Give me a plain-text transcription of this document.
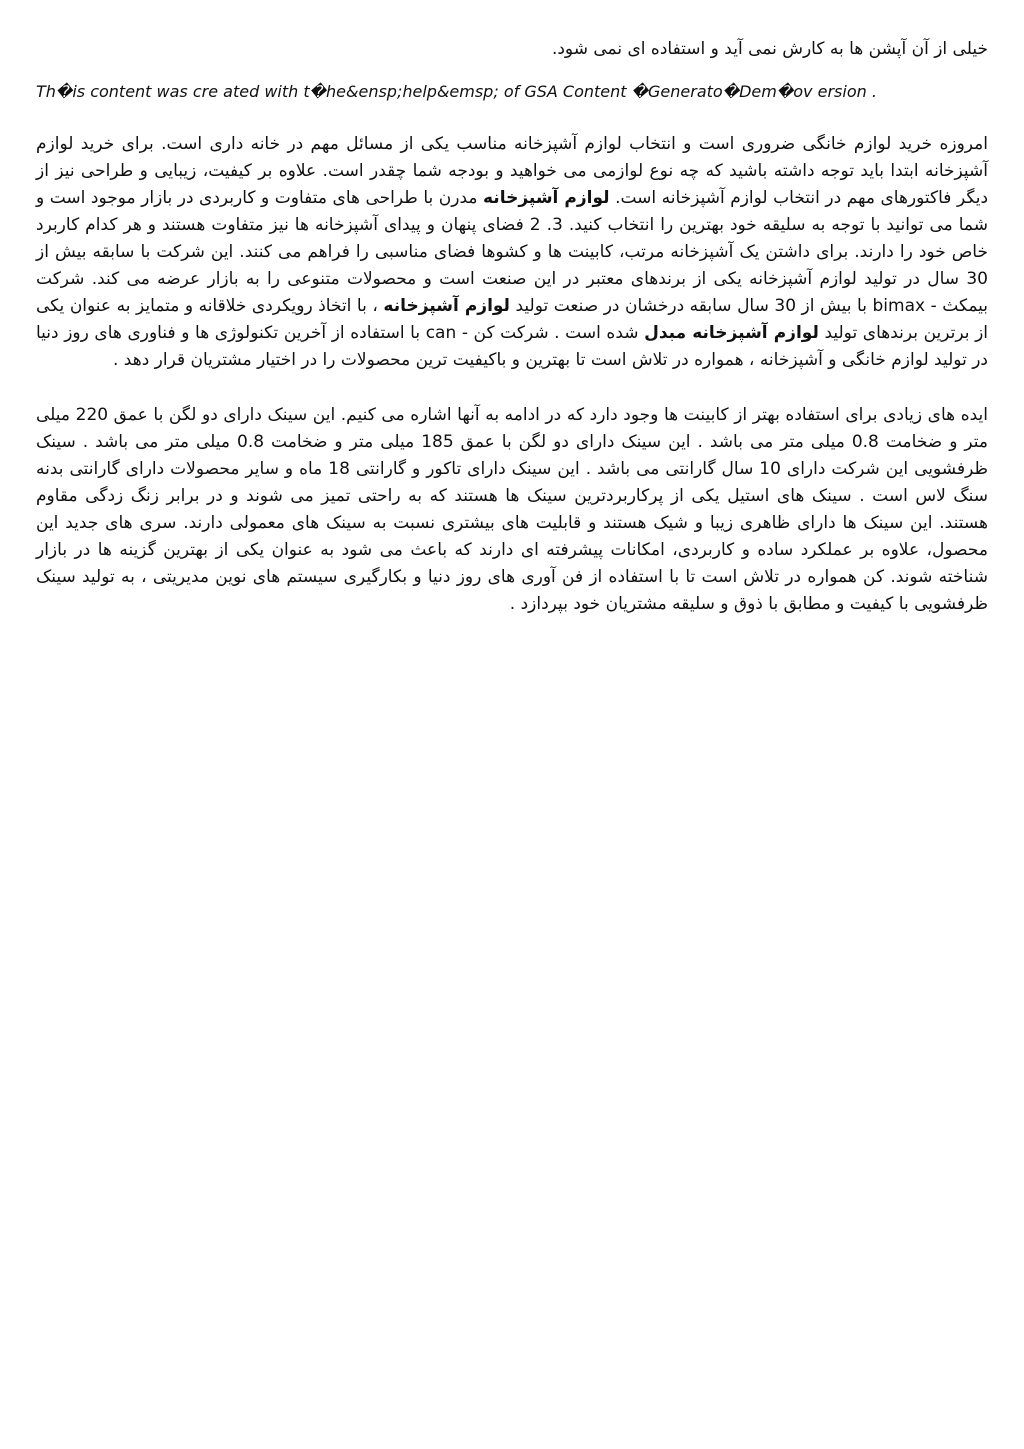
خیلی از آن آپشن ها به کارش نمی آید و استفاده ای نمی شود.

Th�is content was cre ated with t�he&ensp;help&emsp; of GSA Content �Generato�Dem�ov ersion .

امروزه خرید لوازم خانگی ضروری است و انتخاب لوازم آشپزخانه مناسب یکی از مسائل مهم در خانه داری است. برای خرید لوازم آشپزخانه ابتدا باید توجه داشته باشید که چه نوع لوازمی می خواهید و بودجه شما چقدر است. علاوه بر کیفیت، زیبایی و طراحی نیز از دیگر فاکتورهای مهم در انتخاب لوازم آشپزخانه است. لوازم آشپزخانه مدرن با طراحی های متفاوت و کاربردی در بازار موجود است و شما می توانید با توجه به سلیقه خود بهترین را انتخاب کنید. 3. 2 فضای پنهان و پیدای آشپزخانه ها نیز متفاوت هستند و هر کدام کاربرد خاص خود را دارند. برای داشتن یک آشپزخانه مرتب، کابینت ها و کشوها فضای مناسبی را فراهم می کنند. این شرکت با سابقه بیش از 30 سال در تولید لوازم آشپزخانه یکی از برندهای معتبر در این صنعت است و محصولات متنوعی را به بازار عرضه می کند. شرکت بیمکث - bimax با بیش از 30 سال سابقه درخشان در صنعت تولید لوازم آشپزخانه ، با اتخاذ رویکردی خلاقانه و متمایز به عنوان یکی از برترین برندهای تولید لوازم آشپزخانه مبدل شده است . شرکت کن - can با استفاده از آخرین تکنولوژی ها و فناوری های روز دنیا در تولید لوازم خانگی و آشپزخانه ، همواره در تلاش است تا بهترین و باکیفیت ترین محصولات را در اختیار مشتریان قرار دهد .

ایده های زیادی برای استفاده بهتر از کابینت ها وجود دارد که در ادامه به آنها اشاره می کنیم. این سینک دارای دو لگن با عمق 220 میلی متر و ضخامت 0.8 میلی متر می باشد . این سینک دارای دو لگن با عمق 185 میلی متر و ضخامت 0.8 میلی متر می باشد . سینک ظرفشویی این شرکت دارای 10 سال گارانتی می باشد . این سینک دارای تاکور و گارانتی 18 ماه و سایر محصولات دارای گارانتی بدنه سنگ لاس است . سینک های استیل یکی از پرکاربردترین سینک ها هستند که به راحتی تمیز می شوند و در برابر زنگ زدگی مقاوم هستند. این سینک ها دارای ظاهری زیبا و شیک هستند و قابلیت های بیشتری نسبت به سینک های معمولی دارند. سری های جدید این محصول، علاوه بر عملکرد ساده و کاربردی، امکانات پیشرفته ای دارند که باعث می شود به عنوان یکی از بهترین گزینه ها در بازار شناخته شوند. کن همواره در تلاش است تا با استفاده از فن آوری های روز دنیا و بکارگیری سیستم های نوین مدیریتی ، به تولید سینک ظرفشویی با کیفیت و مطابق با ذوق و سلیقه مشتریان خود بپردازد .
